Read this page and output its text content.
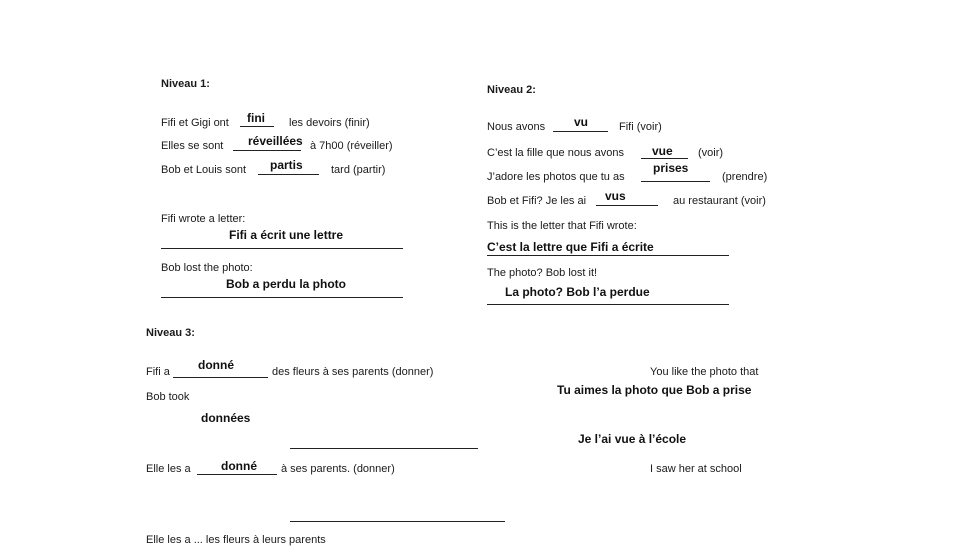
Niveau 1:
Fifi et Gigi ont fini les devoirs (finir)
Elles se sont réveillées à 7h00 (réveiller)
Bob et Louis sont partis	tard (partir)
Fifi wrote a letter:
Fifi a écrit une lettre
Bob lost the photo:
Bob a perdu la photo
Niveau 2:
Nous avons vu	Fifi (voir)
C’est la fille que nous avons vue (voir)
J’adore les photos que tu as
prises
(prendre)
Bob et Fifi? Je les ai vus	au restaurant (voir)
This is the letter that Fifi wrote:
C’est la lettre que Fifi a écrite
The photo? Bob lost it!
La photo? Bob l’a perdue
Niveau 3:
Fifi a donné	des fleurs à ses parents (donner)
Bob took
données
Elle les a	donné à ses parents. (donner)
You like the photo that
Tu aimes la photo que Bob a prise
Je l’ai vue à l’école
I saw her at school
Elle les a ... les fleurs à leurs parents
